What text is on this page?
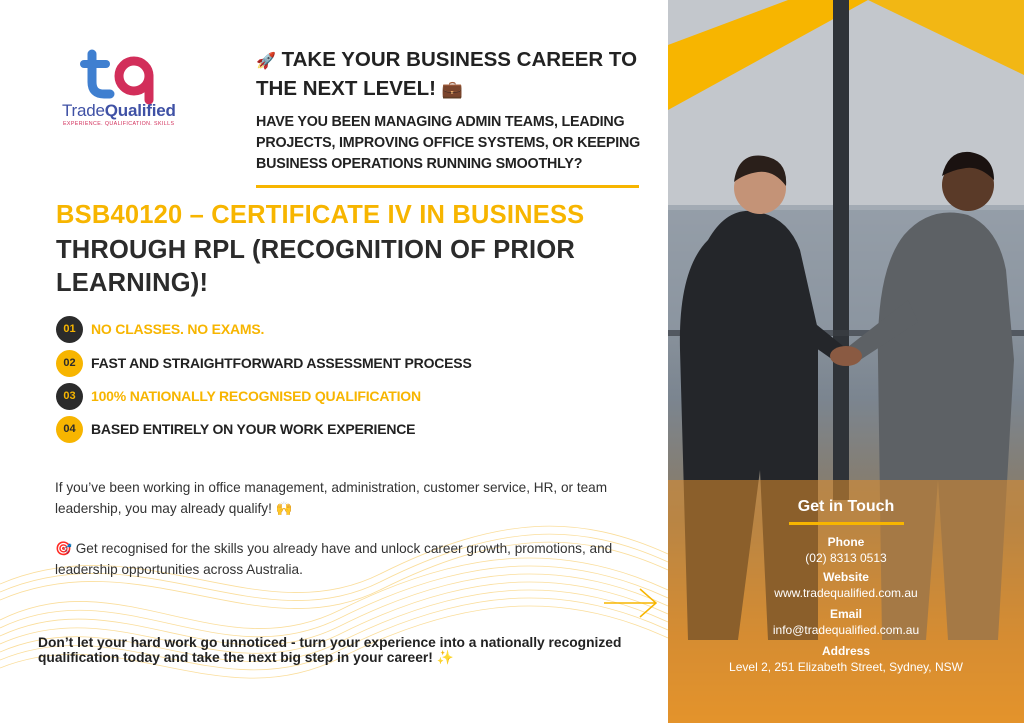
TradeQualified
EXPERIENCE. QUALIFICATION. SKILLS
🚀 TAKE YOUR BUSINESS CAREER TO THE NEXT LEVEL! 💼
HAVE YOU BEEN MANAGING ADMIN TEAMS, LEADING PROJECTS, IMPROVING OFFICE SYSTEMS, OR KEEPING BUSINESS OPERATIONS RUNNING SMOOTHLY?
BSB40120 – CERTIFICATE IV IN BUSINESS
THROUGH RPL (RECOGNITION OF PRIOR LEARNING)!
01	NO CLASSES. NO EXAMS.
02	FAST AND STRAIGHTFORWARD ASSESSMENT PROCESS
03	100% NATIONALLY RECOGNISED QUALIFICATION
04	BASED ENTIRELY ON YOUR WORK EXPERIENCE
If you’ve been working in office management, administration, customer service, HR, or team leadership, you may already qualify! 🙌
🎯 Get recognised for the skills you already have and unlock career growth, promotions, and leadership opportunities across Australia.
Don’t let your hard work go unnoticed - turn your experience into a nationally recognized qualification today and take the next big step in your career! ✨
Get in Touch
Phone
(02) 8313 0513
Website
www.tradequalified.com.au
Email
info@tradequalified.com.au
Address
Level 2, 251 Elizabeth Street, Sydney, NSW
